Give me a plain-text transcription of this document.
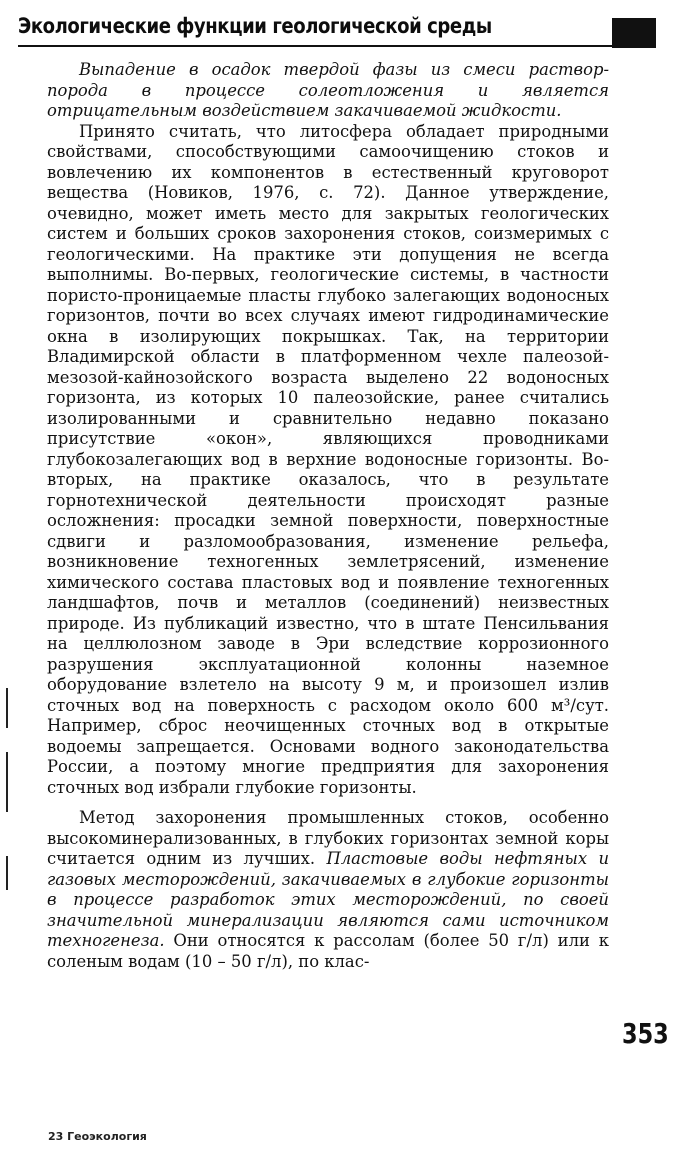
Экологические функции геологической среды

Выпадение в осадок твердой фазы из смеси раствор-порода в процессе солеотложения и является отрицательным воздействием закачиваемой жидкости.

Принято считать, что литосфера обладает природными свойствами, способствующими самоочищению стоков и вовлечению их компонентов в естественный круговорот вещества (Новиков, 1976, с. 72). Данное утверждение, очевидно, может иметь место для закрытых геологических систем и больших сроков захоронения стоков, соизмеримых с геологическими. На практике эти допущения не всегда выполнимы. Во-первых, геологические системы, в частности пористо-проницаемые пласты глубоко залегающих водоносных горизонтов, почти во всех случаях имеют гидродинамические окна в изолирующих покрышках. Так, на территории Владимирской области в платформенном чехле палеозой-мезозой-кайнозойского возраста выделено 22 водоносных горизонта, из которых 10 палеозойские, ранее считались изолированными и сравнительно недавно показано присутствие «окон», являющихся проводниками глубокозалегающих вод в верхние водоносные горизонты. Во-вторых, на практике оказалось, что в результате горнотехнической деятельности происходят разные осложнения: просадки земной поверхности, поверхностные сдвиги и разломообразования, изменение рельефа, возникновение техногенных землетрясений, изменение химического состава пластовых вод и появление техногенных ландшафтов, почв и металлов (соединений) неизвестных природе. Из публикаций известно, что в штате Пенсильвания на целлюлозном заводе в Эри вследствие коррозионного разрушения эксплуатационной колонны наземное оборудование взлетело на высоту 9 м, и произошел излив сточных вод на поверхность с расходом около 600 м³/сут. Например, сброс неочищенных сточных вод в открытые водоемы запрещается. Основами водного законодательства России, а поэтому многие предприятия для захоронения сточных вод избрали глубокие горизонты.

Метод захоронения промышленных стоков, особенно высокоминерализованных, в глубоких горизонтах земной коры считается одним из лучших. Пластовые воды нефтяных и газовых месторождений, закачиваемых в глубокие горизонты в процессе разработок этих месторождений, по своей значительной минерализации являются сами источником техногенеза. Они относятся к рассолам (более 50 г/л) или к соленым водам (10 – 50 г/л), по клас-

353
23 Геоэкология
